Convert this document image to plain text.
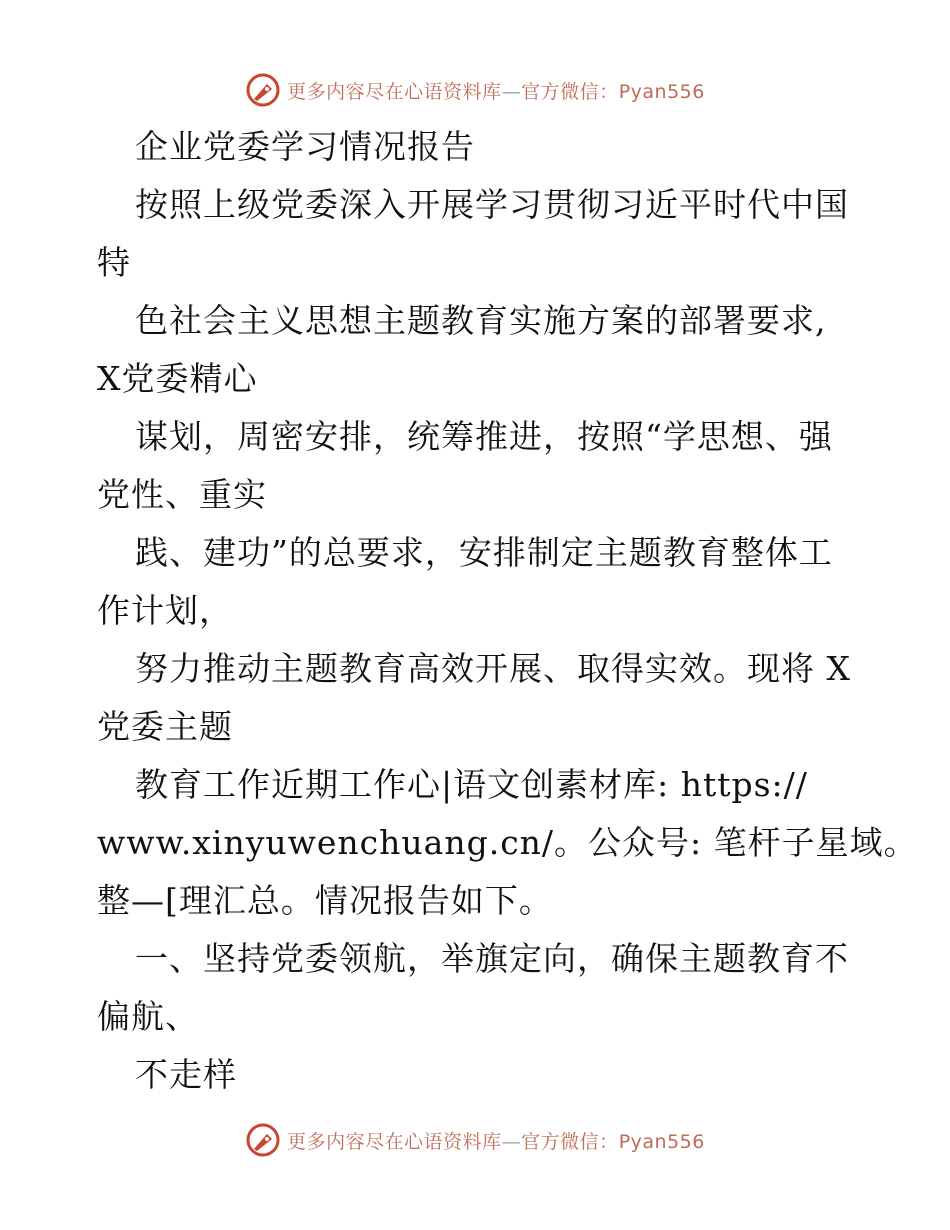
更多内容尽在心语资料库—官方微信：Pyan556
企业党委学习情况报告
按照上级党委深入开展学习贯彻习近平时代中国
特
色社会主义思想主题教育实施方案的部署要求,
X党委精心
谋划，周密安排，统筹推进，按照“学思想、强
党性、重实
践、建功”的总要求，安排制定主题教育整体工
作计划，
努力推动主题教育高效开展、取得实效。现将 X
党委主题
教育工作近期工作心|语文创素材库: https://
www.xinyuwenchuang.cn/。公众号: 笔杆子星域。
整—[理汇总。情况报告如下。
一、坚持党委领航，举旗定向，确保主题教育不
偏航、
不走样
更多内容尽在心语资料库—官方微信：Pyan556
